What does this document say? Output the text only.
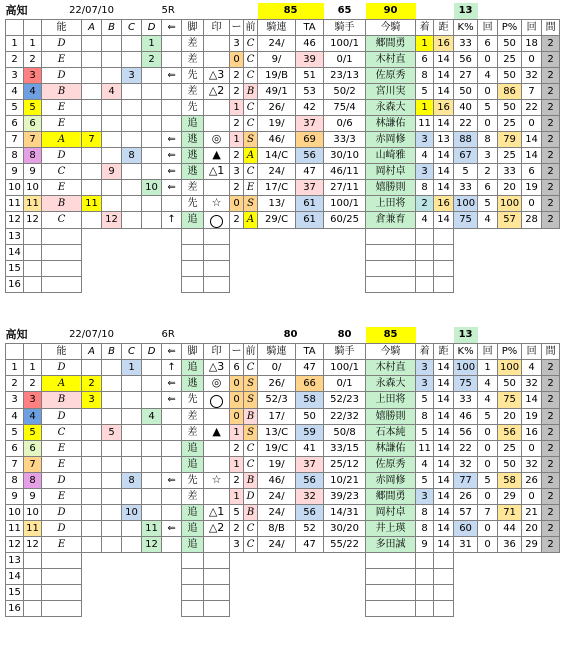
高知		22/07/10					5R					85		65	90			13						
		能	A	B	C	D	⇐	脚	印	ー	前	騎連	TA	騎手	今騎	着	距	K%	回	P%	回	間		
1	1	D				1		差		3	C	24/	46	100/1	郷間勇	1	16	33	6	50	18	2		
2	2	E				2		差		0	C	9/	39	0/1	木村直	6	14	56	0	25	0	2		
3	3	D			3		⇐	先	△3	2	C	19/B	51	23/13	佐原秀	8	14	27	4	50	32	2		
4	4	B		4				差	△2	2	B	49/1	53	50/2	宮川実	5	14	50	0	86	7	2		
5	5	E						先		1	C	26/	42	75/4	永森大	1	16	40	5	50	22	2		
6	6	E						追		2	C	19/	37	0/6	林謙佑	11	14	22	0	25	0	2		
7	7	A	7				⇐	逃	◎	1	S	46/	69	33/3	赤岡修	3	13	88	8	79	14	2		
8	8	D			8		⇐	逃	▲	2	A	14/C	56	30/10	山崎雅	4	14	67	3	25	14	2		
9	9	C		9			⇐	逃	△1	3	C	24/	47	46/11	岡村卓	3	14	5	2	33	6	2		
10	10	E				10	⇐	差		2	E	17/C	37	27/11	嬉勝則	8	14	33	6	20	19	2		
11	11	B	11					先	☆	0	S	13/	61	100/1	上田将	2	16	100	5	100	0	2		
12	12	C		12			↑	追		2	A	29/C	61	60/25	倉兼育	4	14	75	4	57	28	2		
13																								
14																								
15																								
16																								
高知		22/07/10					6R					80		80	85			13						
		能	A	B	C	D	⇐	脚	印	ー	前	騎連	TA	騎手	今騎	着	距	K%	回	P%	回	間		
1	1	D			1		↑	追	△3	6	C	0/	47	100/1	木村直	3	14	100	1	100	4	2		
2	2	A	2				⇐	逃	◎	0	S	26/	66	0/1	永森大	3	14	75	4	50	32	2		
3	3	B	3				⇐	先		0	S	52/3	58	52/23	上田将	5	14	33	4	75	14	2		
4	4	D				4		差		0	B	17/	50	22/32	嬉勝則	8	14	46	5	20	19	2		
5	5	C		5				差	▲	1	S	13/C	59	50/8	石本純	5	14	56	0	56	16	2		
6	6	E						追		2	C	19/C	41	33/15	林謙佑	11	14	22	0	25	0	2		
7	7	E						追		1	C	19/	37	25/12	佐原秀	4	14	32	0	50	32	2		
8	8	D			8		⇐	先	☆	2	B	46/	56	10/21	赤岡修	5	14	77	5	58	26	2		
9	9	E						差		1	D	24/	32	39/23	郷間勇	3	14	26	0	29	0	2		
10	10	D			10			追	△1	5	B	24/	56	14/31	岡村卓	8	14	57	7	71	21	2		
11	11	D				11	⇐	追	△2	2	C	8/B	52	30/20	井上瑛	8	14	60	0	44	20	2		
12	12	E				12		追		3	C	24/	47	55/22	多田誠	9	14	31	0	36	29	2		
13																								
14																								
15																								
16																								
